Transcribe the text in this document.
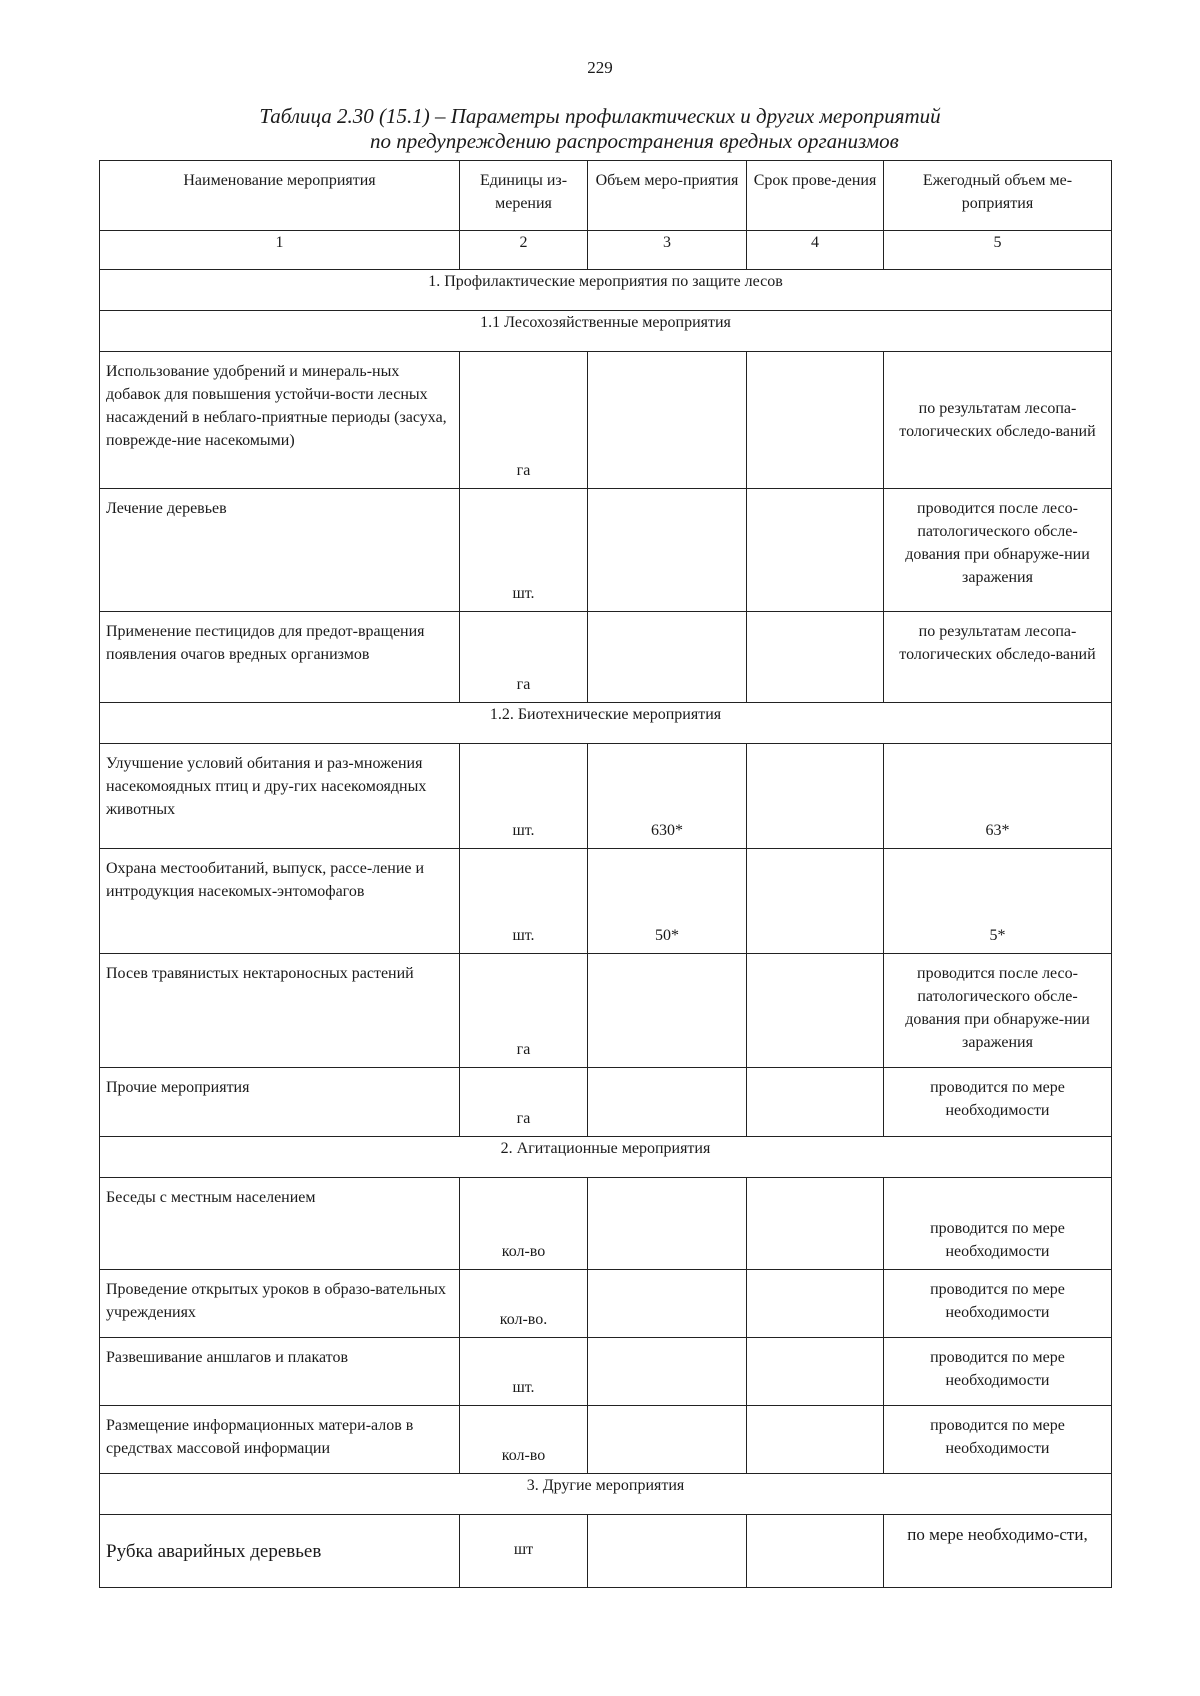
229
Таблица 2.30 (15.1) – Параметры профилактических и других мероприятий
по предупреждению распространения вредных организмов
Наименование мероприятия	Единицы из-мерения	Объем меро-приятия	Срок прове-дения	Ежегодный объем ме-роприятия
1	2	3	4	5
1. Профилактические мероприятия по защите лесов				
1.1 Лесохозяйственные мероприятия				
Использование удобрений и минераль-ных добавок для повышения устойчи-вости лесных насаждений в неблаго-приятные периоды (засуха, поврежде-ние насекомыми)	га			по результатам лесопа-тологических обследо-ваний
Лечение деревьев	шт.			проводится после лесо-патологического обсле-дования при обнаруже-нии заражения
Применение пестицидов для предот-вращения появления очагов вредных организмов	га			по результатам лесопа-тологических обследо-ваний
1.2. Биотехнические мероприятия				
Улучшение условий обитания и раз-множения насекомоядных птиц и дру-гих насекомоядных животных	шт.	630*		63*
Охрана местообитаний, выпуск, рассе-ление и интродукция насекомых-энтомофагов	шт.	50*		5*
Посев травянистых нектароносных растений	га			проводится после лесо-патологического обсле-дования при обнаруже-нии заражения
Прочие мероприятия	га			проводится по мере необходимости
2. Агитационные мероприятия				
Беседы с местным населением	кол-во			проводится по мере необходимости
Проведение открытых уроков в образо-вательных учреждениях	кол-во.			проводится по мере необходимости
Развешивание аншлагов и плакатов	шт.			проводится по мере необходимости
Размещение информационных матери-алов в средствах массовой информации	кол-во			проводится по мере необходимости
3. Другие мероприятия				
Рубка аварийных деревьев	шт			по мере необходимо-сти,
